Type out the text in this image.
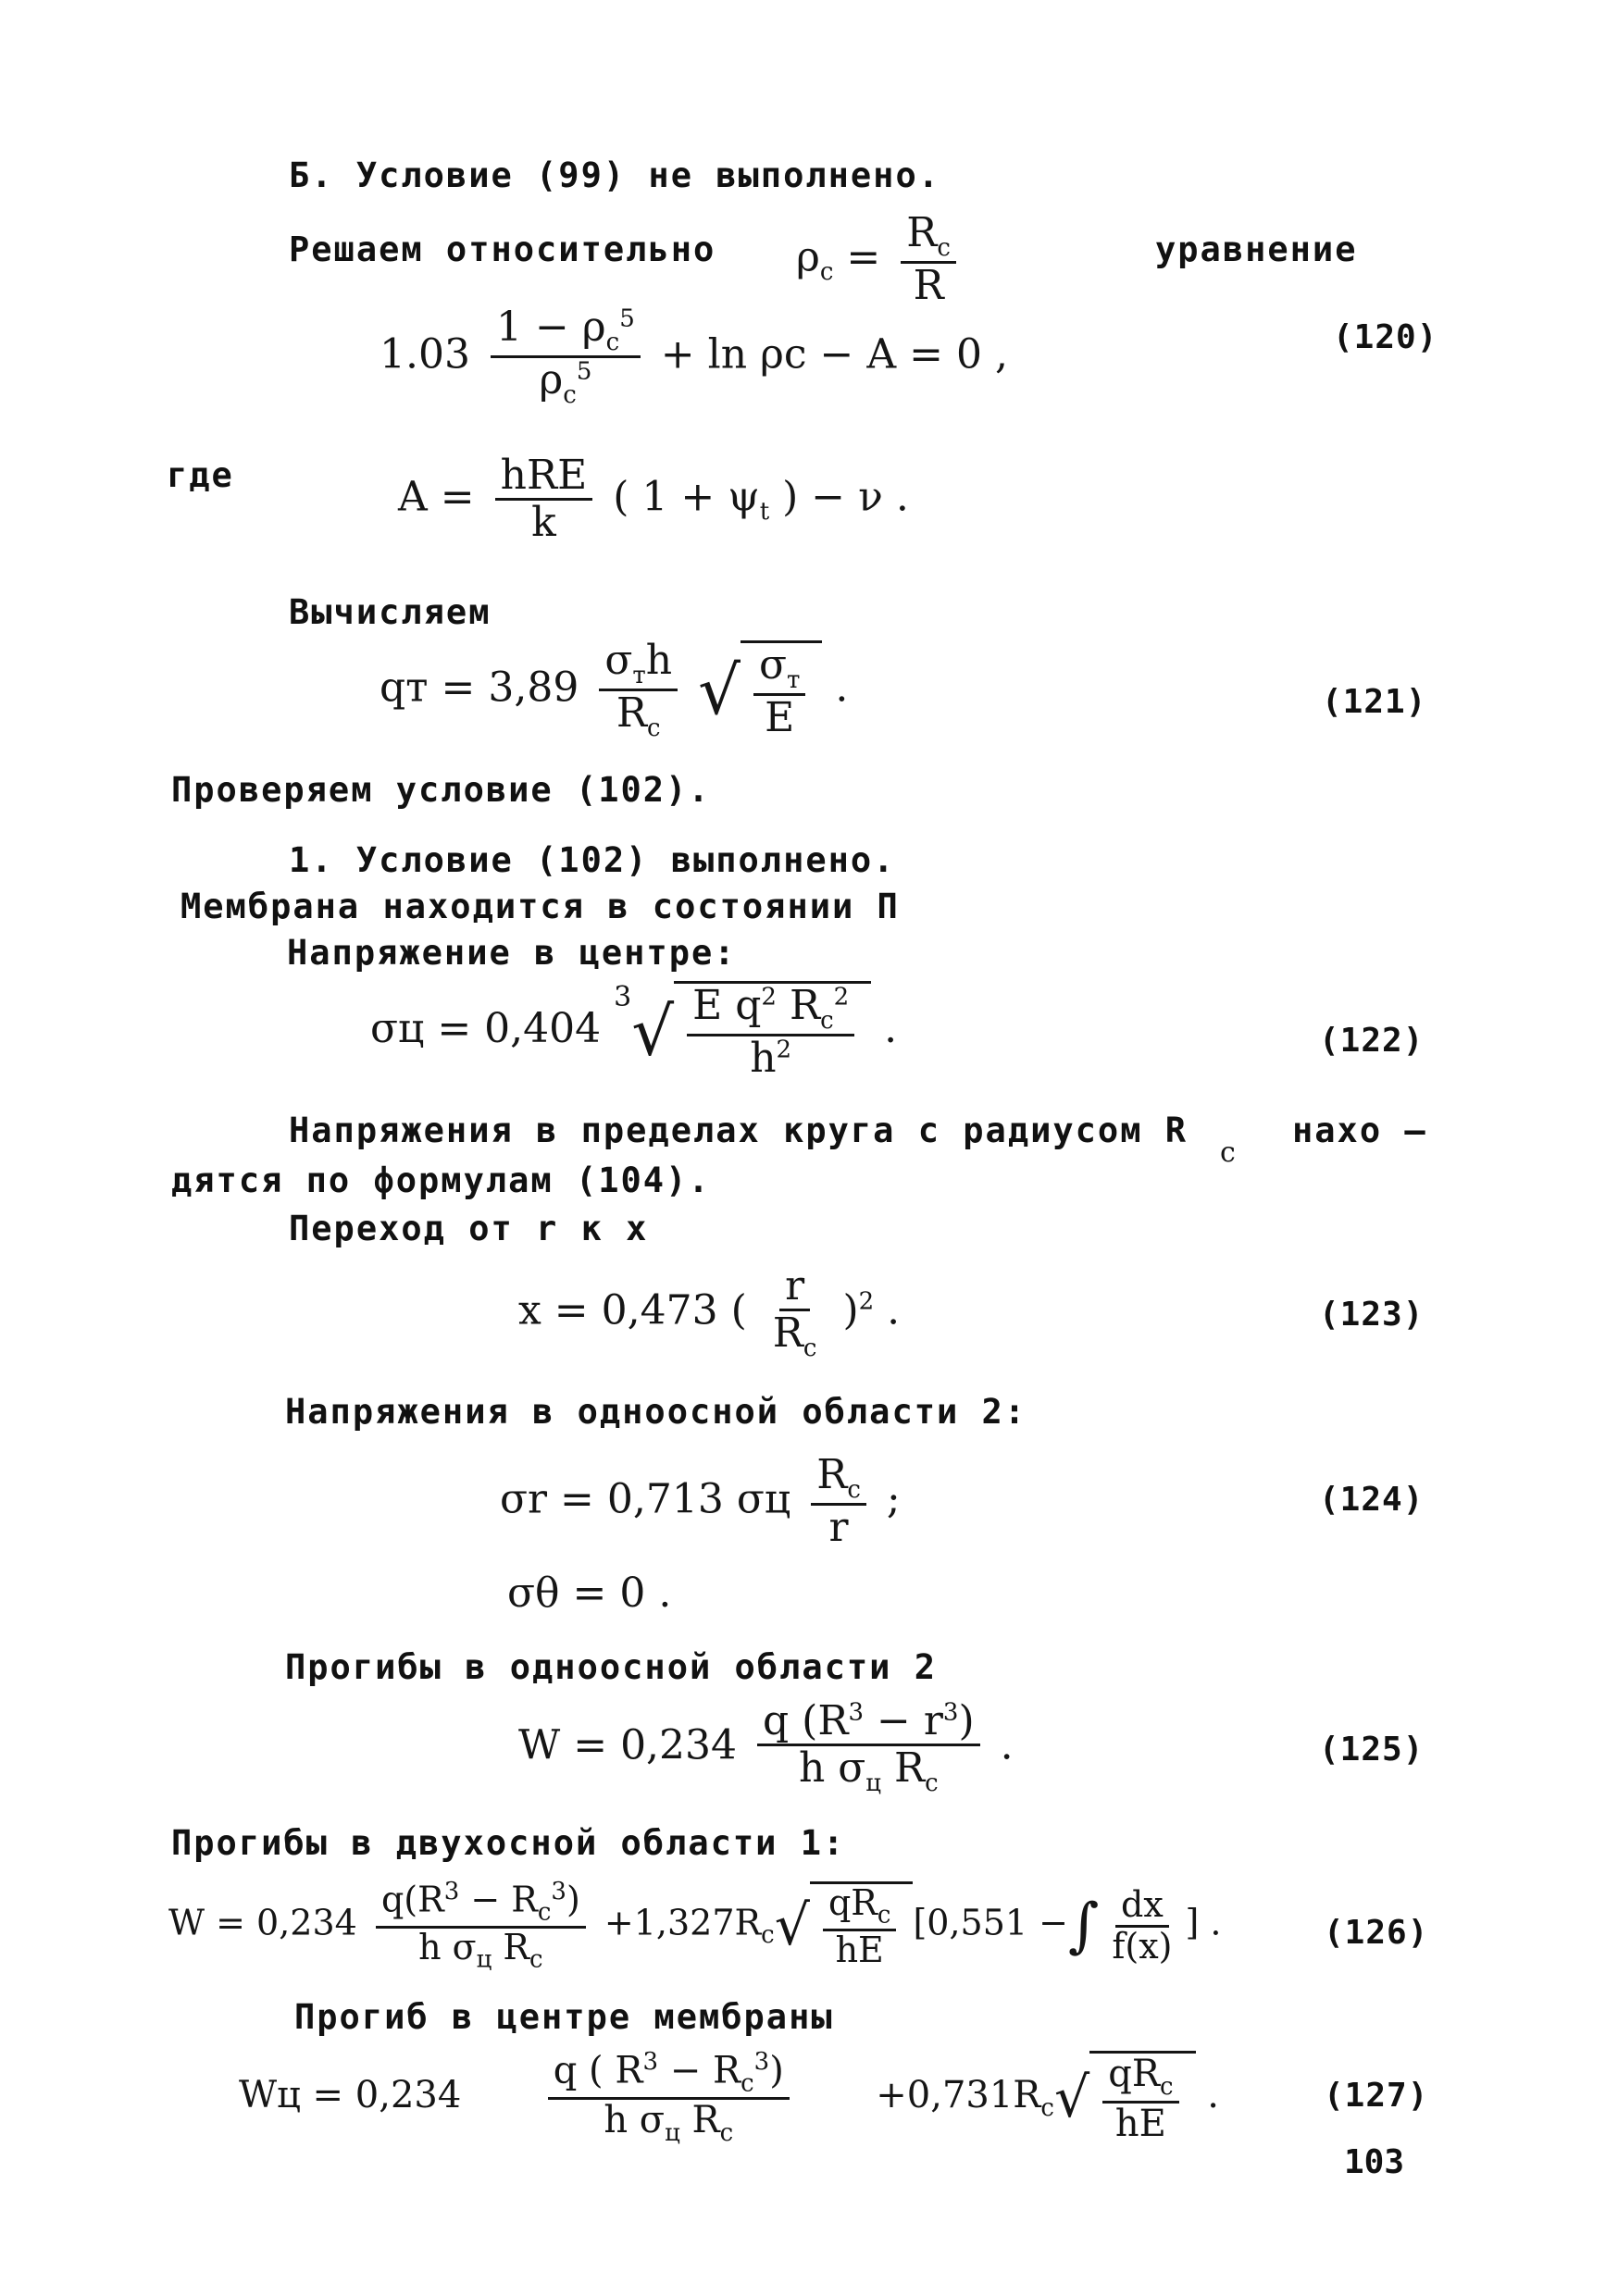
Б. Условие (99) не выполнено.
Решаем относительно $\rho_c = \frac{R_c}{R}$	уравнение
$1.03 \frac{1 - \rho_c^5}{\rho_c^5} + \ln \rho c - A = 0$ ,	(120)
где	$A = \frac{\text{hRE}}{k}$ ( $1 + \psi_t$ ) − ν .
Вычисляем
qт = $3,89 \frac{\sigma_тh}{R_c}$ √ $\frac{\sigma_т}{E}$ .	(121)
Проверяем условие (102).
1. Условие (102) выполнено.
Мембрана находится в состоянии П
Напряжение в центре:
σц = 0,404 $^3√ \frac{E q^2 R_c^2}{h^2}$ .	(122)
Напряжения в пределах круга с радиусом R
c
нахо –
дятся по формулам (104).
Переход от r к x
x = 0,473 ( $\frac{r}{R_c} )^2$ .	(123)
Напряжения в одноосной области 2:
σr = 0,713 σц $\frac{R_c}{r}$ ;	(124)
σθ = 0 .
Прогибы в одноосной области 2
$W = 0,234 \frac{q (R^3 - r^3)}{h \sigma_ц R_c}$ .	(125)
Прогибы в двухосной области 1:
$W = 0,234 \frac{q(R^3 - R_c^3)}{h \sigma_ц R_c} +1,327R_c√ \frac{qR_c}{hE} [0,551$ −∫ $\frac{dx}{f(x)}$ ] .	(126)
Прогиб в центре мембраны
Wц = $0,234 \frac{q ( R^3 - R_c^3)}{h \sigma_ц R_c} +0,731R_c√ \frac{qR_c}{hE}$ .	(127)
103
